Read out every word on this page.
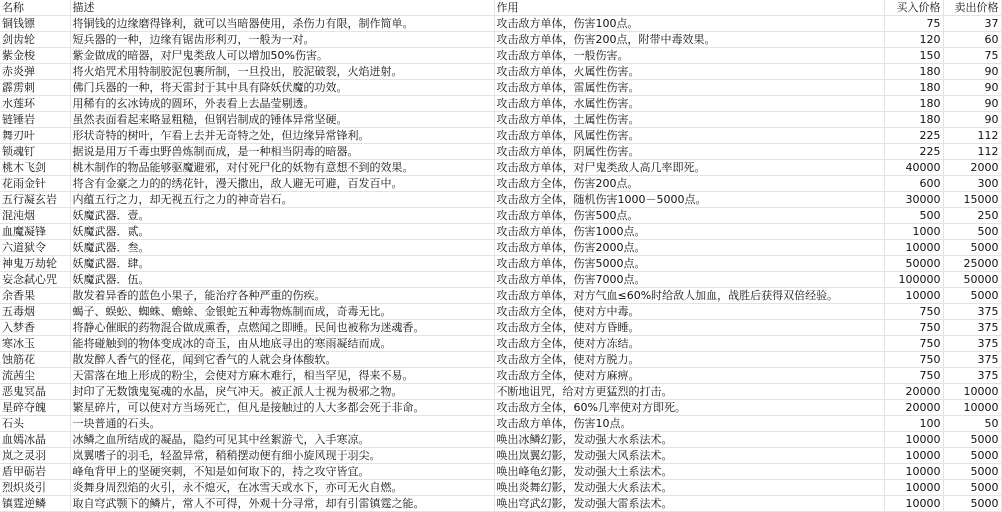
名称	描述	作用	买入价格	卖出价格
铜钱镖	将铜钱的边缘磨得锋利，就可以当暗器使用，杀伤力有限，制作简单。	攻击敌方单体，伤害100点。	75	37
剑齿轮	短兵器的一种，边缘有锯齿形利刃，一般为一对。	攻击敌方单体，伤害200点，附带中毒效果。	120	60
紫金梭	紫金做成的暗器，对尸鬼类敌人可以增加50%伤害。	攻击敌方单体，一般伤害。	150	75
赤炎弹	将火焰咒术用特制胶泥包裹所制，一旦投出，胶泥破裂，火焰迸射。	攻击敌方单体，火属性伤害。	180	90
霹雳刺	佛门兵器的一种，将天雷封于其中具有降妖伏魔的功效。	攻击敌方单体，雷属性伤害。	180	90
水莲环	用稀有的玄冰铸成的圆环，外表看上去晶莹剔透。	攻击敌方单体，水属性伤害。	180	90
链锤岩	虽然表面看起来略显粗糙，但钢岩制成的锤体异常坚硬。	攻击敌方单体，土属性伤害。	180	90
舞刃叶	形状奇特的树叶，乍看上去并无奇特之处，但边缘异常锋利。	攻击敌方单体，风属性伤害。	225	112
锁魂钉	据说是用万千毒虫野兽炼制而成，是一种相当阴毒的暗器。	攻击敌方单体，阴属性伤害。	225	112
桃木飞剑	桃木制作的物品能够驱魔避邪，对付死尸化的妖物有意想不到的效果。	攻击敌方单体，对尸鬼类敌人高几率即死。	40000	2000
花雨金针	将含有金豪之力的的绣花针，漫天撒出，敌人避无可避，百发百中。	攻击敌方全体，伤害200点。	600	300
五行凝玄岩	内蕴五行之力，却无视五行之力的神奇岩石。	攻击敌方全体，随机伤害1000－5000点。	30000	15000
混沌烟	妖魔武器．壹。	攻击敌方单体，伤害500点。	500	250
血魔凝锋	妖魔武器．贰。	攻击敌方单体，伤害1000点。	1000	500
六道狱令	妖魔武器．叁。	攻击敌方单体，伤害2000点。	10000	5000
神鬼万劫轮	妖魔武器．肆。	攻击敌方单体，伤害5000点。	50000	25000
妄念弑心咒	妖魔武器．伍。	攻击敌方单体，伤害7000点。	100000	50000
余香果	散发着异香的蓝色小果子，能治疗各种严重的伤疾。	攻击敌方单体，对方气血≤60%时给敌人加血，战胜后获得双倍经验。	10000	5000
五毒烟	蝎子、蜈蚣、蜘蛛、蟾蜍、金银蛇五种毒物炼制而成，奇毒无比。	攻击敌方全体，使对方中毒。	750	375
入梦香	将静心催眠的药物混合做成熏香，点燃闻之即睡。民间也被称为迷魂香。	攻击敌方全体，使对方昏睡。	750	375
寒冰玉	能将碰触到的物体变成冰的奇玉，由从地底寻出的寒雨凝结而成。	攻击敌方全体，使对方冻结。	750	375
蚀筋花	散发醉人香气的怪花，闻到它香气的人就会身体酸软。	攻击敌方全体，使对方脱力。	750	375
流茜尘	天雷落在地上形成的粉尘，会使对方麻木难行，相当罕见，得来不易。	攻击敌方全体，使对方麻痹。	750	375
恶鬼冥晶	封印了无数饿鬼冤魂的水晶，戾气冲天。被正派人士视为极邪之物。	不断地诅咒，给对方更猛烈的打击。	20000	10000
星碎夺魄	繁星碎片，可以使对方当场死亡，但凡是接触过的人大多都会死于非命。	攻击敌方全体，60%几率使对方即死。	20000	10000
石头	一块普通的石头。	攻击敌方单体，伤害10点。	100	50
血嫣冰晶	冰鳞之血所结成的凝晶，隐约可见其中丝絮游弋，入手寒凉。	唤出冰鳞幻影，发动强大水系法术。	10000	5000
岚之灵羽	岚翼嗜子的羽毛，轻盈异常，稍稍摆动便有细小旋风现于羽尖。	唤出岚翼幻影，发动强大风系法术。	10000	5000
盾甲砺岩	峰龟背甲上的坚硬突刺，不知是如何取下的，持之攻守皆宜。	唤出峰龟幻影，发动强大土系法术。	10000	5000
烈炽炎引	炎舞身周烈焰的火引，永不熄灭，在冰雪天或水下，亦可无火自燃。	唤出炎舞幻影，发动强大火系法术。	10000	5000
镇霆逆鳞	取自穹武颚下的鳞片，常人不可得，外观十分寻常，却有引雷镇霆之能。	唤出穹武幻影，发动强大雷系法术。	10000	5000
